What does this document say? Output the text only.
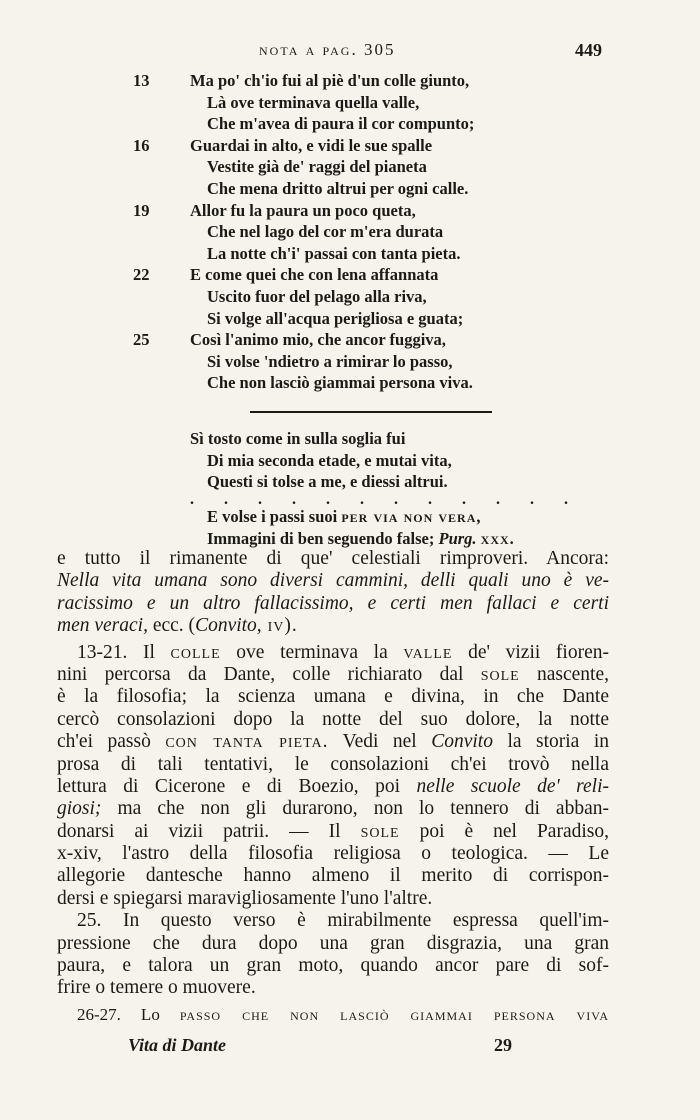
nota a pag. 305	449
13	Ma po' ch'io fui al piè d'un colle giunto,
Là ove terminava quella valle,
Che m'avea di paura il cor compunto;
16	Guardai in alto, e vidi le sue spalle
Vestite già de' raggi del pianeta
Che mena dritto altrui per ogni calle.
19	Allor fu la paura un poco queta,
Che nel lago del cor m'era durata
La notte ch'i' passai con tanta pieta.
22	E come quei che con lena affannata
Uscito fuor del pelago alla riva,
Si volge all'acqua perigliosa e guata;
25	Così l'animo mio, che ancor fuggiva,
Si volse 'ndietro a rimirar lo passo,
Che non lasciò giammai persona viva.
Sì tosto come in sulla soglia fui
Di mia seconda etade, e mutai vita,
Questi si tolse a me, e diessi altrui.
. . . . . . . . . . . .
E volse i passi suoi per via non vera,
Immagini di ben seguendo false; Purg. xxx.
e tutto il rimanente di que' celestiali rimproveri. Ancora:
Nella vita umana sono diversi cammini, delli quali uno è ve-
racissimo e un altro fallacissimo, e certi men fallaci e certi
men veraci, ecc. (Convito, iv).
13-21. Il colle ove terminava la valle de' vizii fioren-
nini percorsa da Dante, colle richiarato dal sole nascente,
è la filosofia; la scienza umana e divina, in che Dante
cercò consolazioni dopo la notte del suo dolore, la notte
ch'ei passò con tanta pieta. Vedi nel Convito la storia in
prosa di tali tentativi, le consolazioni ch'ei trovò nella
lettura di Cicerone e di Boezio, poi nelle scuole de' reli-
giosi; ma che non gli durarono, non lo tennero di abban-
donarsi ai vizii patrii. — Il sole poi è nel Paradiso,
x-xiv, l'astro della filosofia religiosa o teologica. — Le
allegorie dantesche hanno almeno il merito di corrispon-
dersi e spiegarsi maravigliosamente l'uno l'altre.
25. In questo verso è mirabilmente espressa quell'im-
pressione che dura dopo una gran disgrazia, una gran
paura, e talora un gran moto, quando ancor pare di sof-
frire o temere o muovere.
26-27. Lo passo che non lasciò giammai persona viva
Vita di Dante	29
